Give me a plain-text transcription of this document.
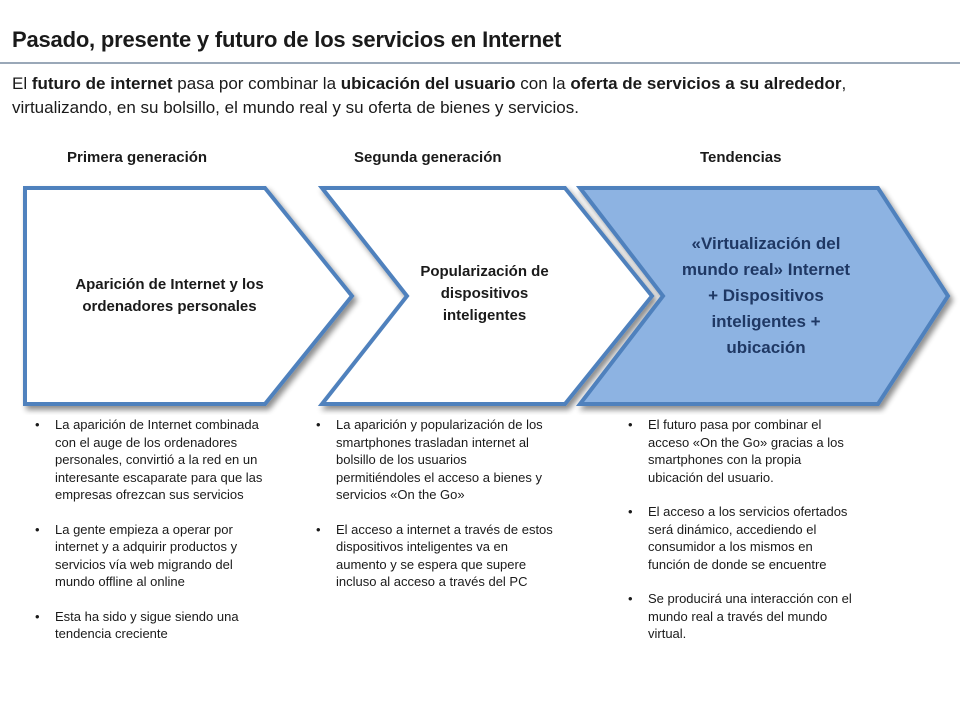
Pasado, presente y futuro de los servicios en Internet
El futuro de internet pasa por combinar la ubicación del usuario con la oferta de servicios a su alrededor, virtualizando, en su bolsillo, el mundo real y su oferta de bienes y servicios.
Primera generación	Segunda generación	Tendencias
Aparición de Internet y los ordenadores personales
Popularización de dispositivos inteligentes
«Virtualización del mundo real» Internet + Dispositivos inteligentes + ubicación
• La aparición de Internet combinada con el auge de los ordenadores personales, convirtió a la red en un interesante escaparate para que las empresas ofrezcan sus servicios
• La gente empieza a operar por internet y a adquirir productos y servicios vía web migrando del mundo offline al online
• Esta ha sido y sigue siendo una tendencia creciente
• La aparición y popularización de los smartphones trasladan internet al bolsillo de los usuarios permitiéndoles el acceso a bienes y servicios «On the Go»
• El acceso a internet a través de estos dispositivos inteligentes va en aumento y se espera que supere incluso al acceso a través del PC
• El futuro pasa por combinar el acceso «On the Go» gracias a los smartphones con la propia ubicación del usuario.
• El acceso a los servicios ofertados será dinámico, accediendo el consumidor a los mismos en función de donde se encuentre
• Se producirá una interacción con el mundo real a través del mundo virtual.
